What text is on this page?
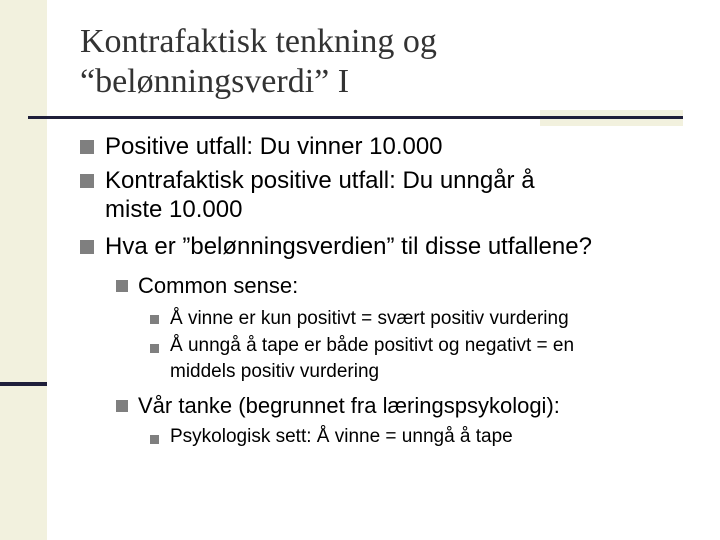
Kontrafaktisk tenkning og
“belønningsverdi” I
Positive utfall: Du vinner 10.000
Kontrafaktisk positive utfall: Du unngår å
miste 10.000
Hva er ”belønningsverdien” til disse utfallene?
Common sense:
Å vinne er kun positivt = svært positiv vurdering
Å unngå å tape er både positivt og negativt = en
middels positiv vurdering
Vår tanke (begrunnet fra læringspsykologi):
Psykologisk sett: Å vinne = unngå å tape
